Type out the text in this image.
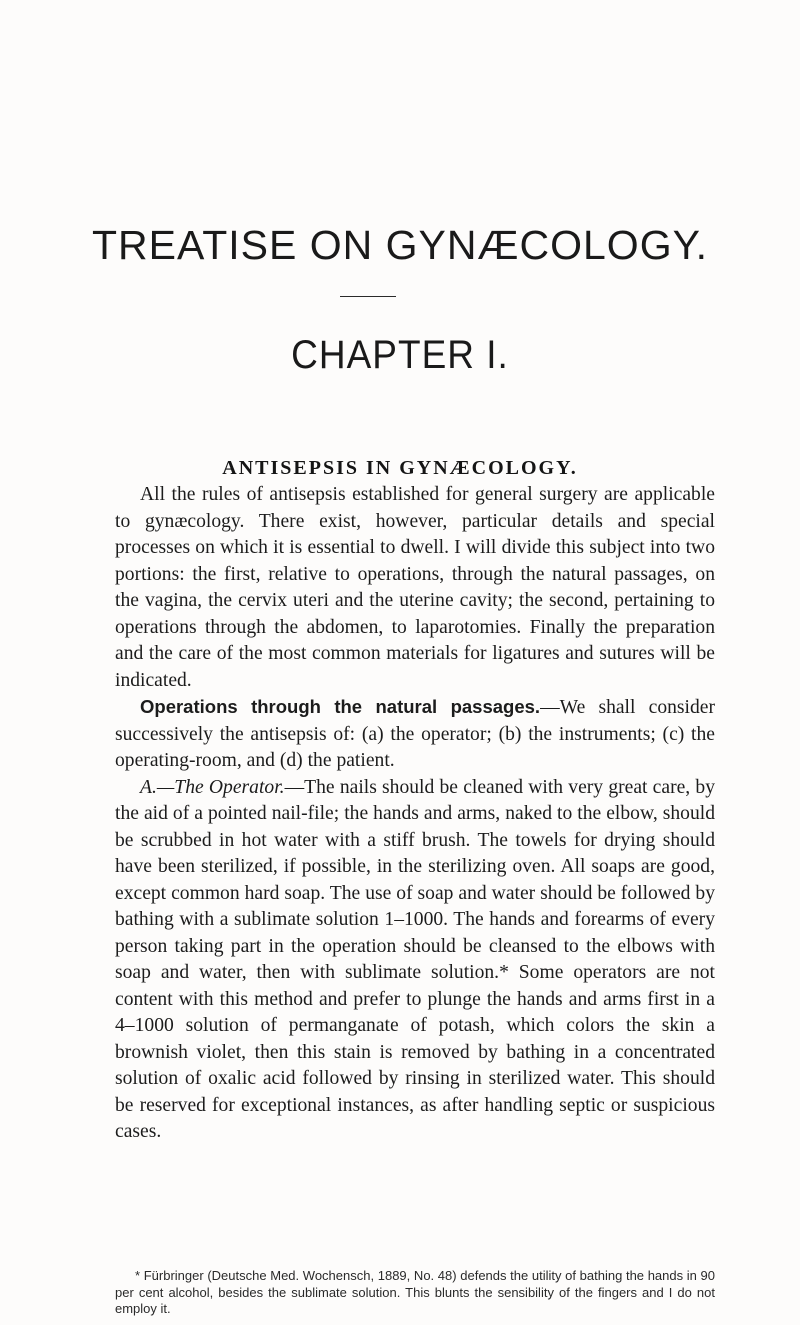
TREATISE ON GYNÆCOLOGY.
CHAPTER I.
ANTISEPSIS IN GYNÆCOLOGY.

All the rules of antisepsis established for general surgery are applicable to gynæcology. There exist, however, particular details and special processes on which it is essential to dwell. I will divide this subject into two portions: the first, relative to operations, through the natural passages, on the vagina, the cervix uteri and the uterine cavity; the second, pertaining to operations through the abdomen, to laparotomies. Finally the preparation and the care of the most common materials for ligatures and sutures will be indicated.

Operations through the natural passages.—We shall consider successively the antisepsis of: (a) the operator; (b) the instruments; (c) the operating-room, and (d) the patient.

A.—The Operator.—The nails should be cleaned with very great care, by the aid of a pointed nail-file; the hands and arms, naked to the elbow, should be scrubbed in hot water with a stiff brush. The towels for drying should have been sterilized, if possible, in the sterilizing oven. All soaps are good, except common hard soap. The use of soap and water should be followed by bathing with a sublimate solution 1–1000. The hands and forearms of every person taking part in the operation should be cleansed to the elbows with soap and water, then with sublimate solution.* Some operators are not content with this method and prefer to plunge the hands and arms first in a 4–1000 solution of permanganate of potash, which colors the skin a brownish violet, then this stain is removed by bathing in a concentrated solution of oxalic acid followed by rinsing in sterilized water. This should be reserved for exceptional instances, as after handling septic or suspicious cases.

* Fürbringer (Deutsche Med. Wochensch, 1889, No. 48) defends the utility of bathing the hands in 90 per cent alcohol, besides the sublimate solution. This blunts the sensibility of the fingers and I do not employ it.
